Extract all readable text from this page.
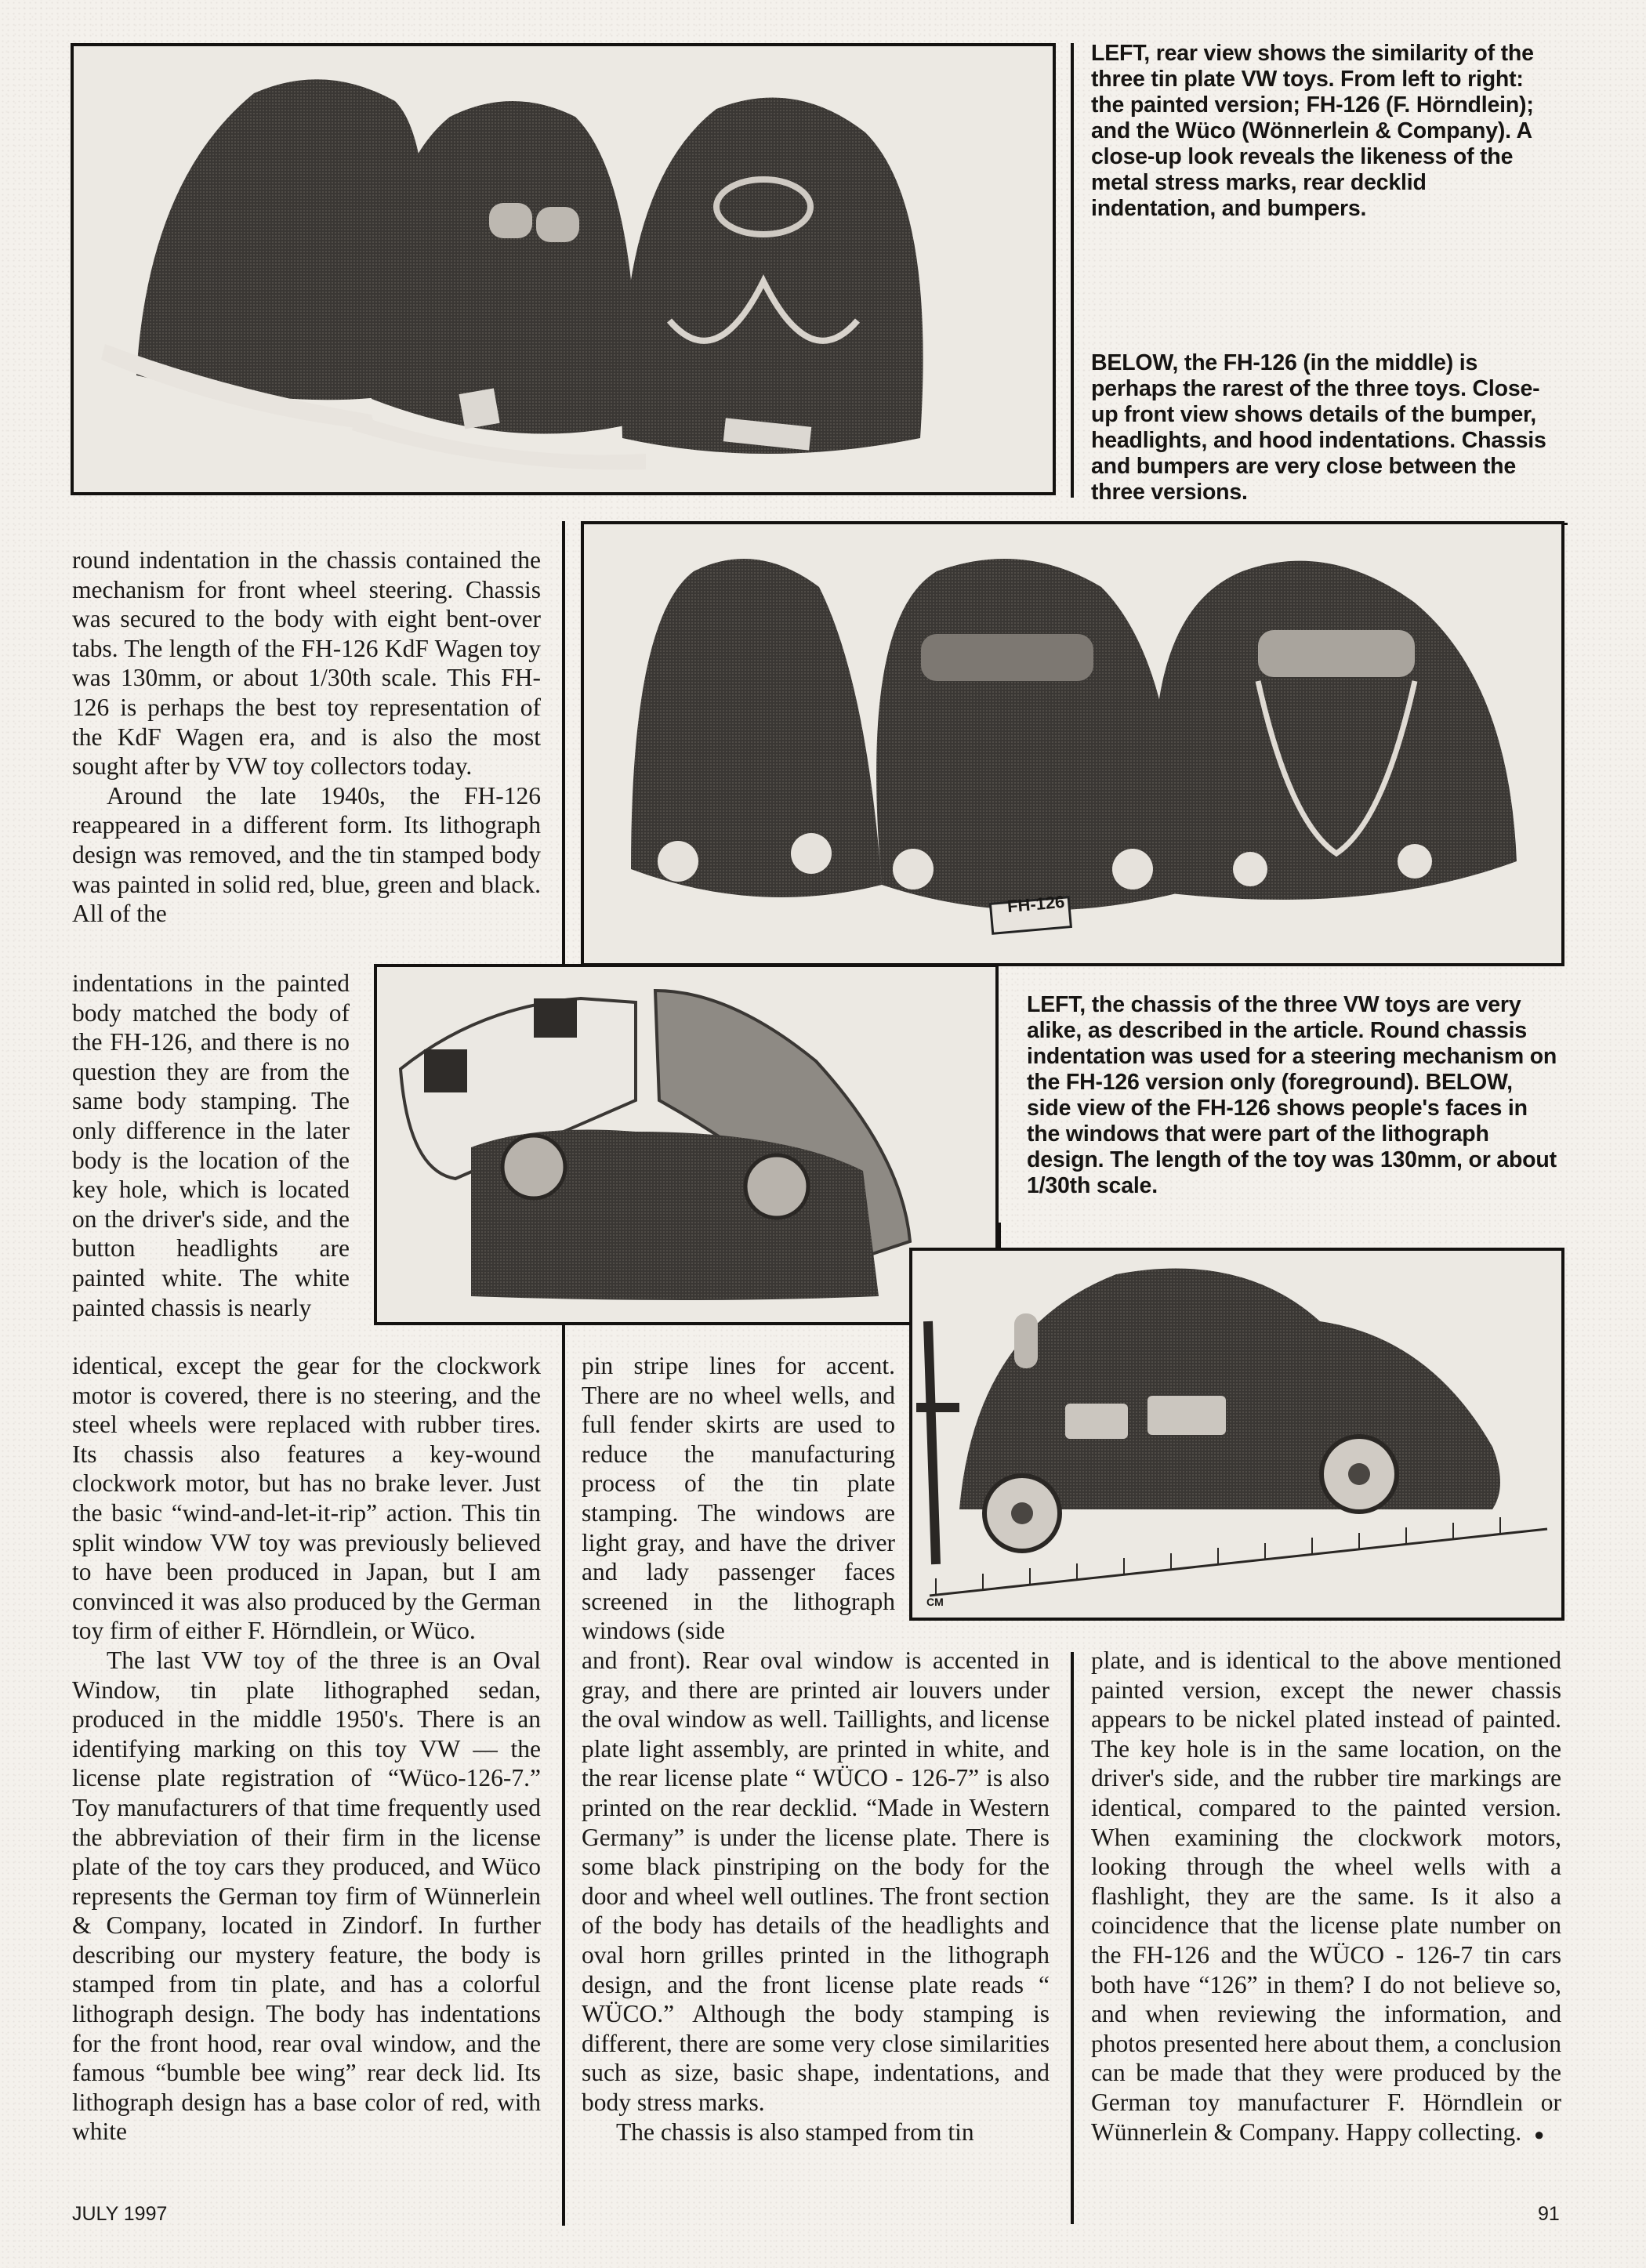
LEFT, rear view shows the similarity of the three tin plate VW toys. From left to right: the painted version; FH-126 (F. Hörndlein); and the Wüco (Wönnerlein & Company). A close-up look reveals the likeness of the metal stress marks, rear decklid indentation, and bumpers.
BELOW, the FH-126 (in the middle) is perhaps the rarest of the three toys. Close-up front view shows details of the bumper, headlights, and hood indentations. Chassis and bumpers are very close between the three versions.
FH-126
LEFT, the chassis of the three VW toys are very alike, as described in the article. Round chassis indentation was used for a steering mechanism on the FH-126 version only (foreground). BELOW, side view of the FH-126 shows people's faces in the windows that were part of the lithograph design. The length of the toy was 130mm, or about 1/30th scale.
CM

round indentation in the chassis contained the mechanism for front wheel steering. Chassis was secured to the body with eight bent-over tabs. The length of the FH-126 KdF Wagen toy was 130mm, or about 1/30th scale. This FH-126 is perhaps the best toy representation of the KdF Wagen era, and is also the most sought after by VW toy collectors today.

Around the late 1940s, the FH-126 reappeared in a different form. Its lithograph design was removed, and the tin stamped body was painted in solid red, blue, green and black. All of the

indentations in the painted body matched the body of the FH-126, and there is no question they are from the same body stamping. The only difference in the later body is the location of the key hole, which is located on the driver's side, and the button headlights are painted white. The white painted chassis is nearly

identical, except the gear for the clockwork motor is covered, there is no steering, and the steel wheels were replaced with rubber tires. Its chassis also features a key-wound clockwork motor, but has no brake lever. Just the basic “wind-and-let-it-rip” action. This tin split window VW toy was previously believed to have been produced in Japan, but I am convinced it was also produced by the German toy firm of either F. Hörndlein, or Wüco.

The last VW toy of the three is an Oval Window, tin plate lithographed sedan, produced in the middle 1950's. There is an identifying marking on this toy VW — the license plate registration of “Wüco-126-7.” Toy manufacturers of that time frequently used the abbreviation of their firm in the license plate of the toy cars they produced, and Wüco represents the German toy firm of Wünnerlein & Company, located in Zindorf. In further describing our mystery feature, the body is stamped from tin plate, and has a colorful lithograph design. The body has indentations for the front hood, rear oval window, and the famous “bumble bee wing” rear deck lid. Its lithograph design has a base color of red, with white

pin stripe lines for accent. There are no wheel wells, and full fender skirts are used to reduce the manufacturing process of the tin plate stamping. The windows are light gray, and have the driver and lady passenger faces screened in the lithograph windows (side

and front). Rear oval window is accented in gray, and there are printed air louvers under the oval window as well. Taillights, and license plate light assembly, are printed in white, and the rear license plate “ WÜCO - 126-7” is also printed on the rear decklid. “Made in Western Germany” is under the license plate. There is some black pinstriping on the body for the door and wheel well outlines. The front section of the body has details of the headlights and oval horn grilles printed in the lithograph design, and the front license plate reads “ WÜCO.” Although the body stamping is different, there are some very close similarities such as size, basic shape, indentations, and body stress marks.

The chassis is also stamped from tin

plate, and is identical to the above mentioned painted version, except the newer chassis appears to be nickel plated instead of painted. The key hole is in the same location, on the driver's side, and the rubber tire markings are identical, compared to the painted version. When examining the clockwork motors, looking through the wheel wells with a flashlight, they are the same. Is it also a coincidence that the license plate number on the FH-126 and the WÜCO - 126-7 tin cars both have “126” in them? I do not believe so, and when reviewing the information, and photos presented here about them, a conclusion can be made that they were produced by the German toy manufacturer F. Hörndlein or Wünnerlein & Company. Happy collecting. ●

JULY 1997	91
